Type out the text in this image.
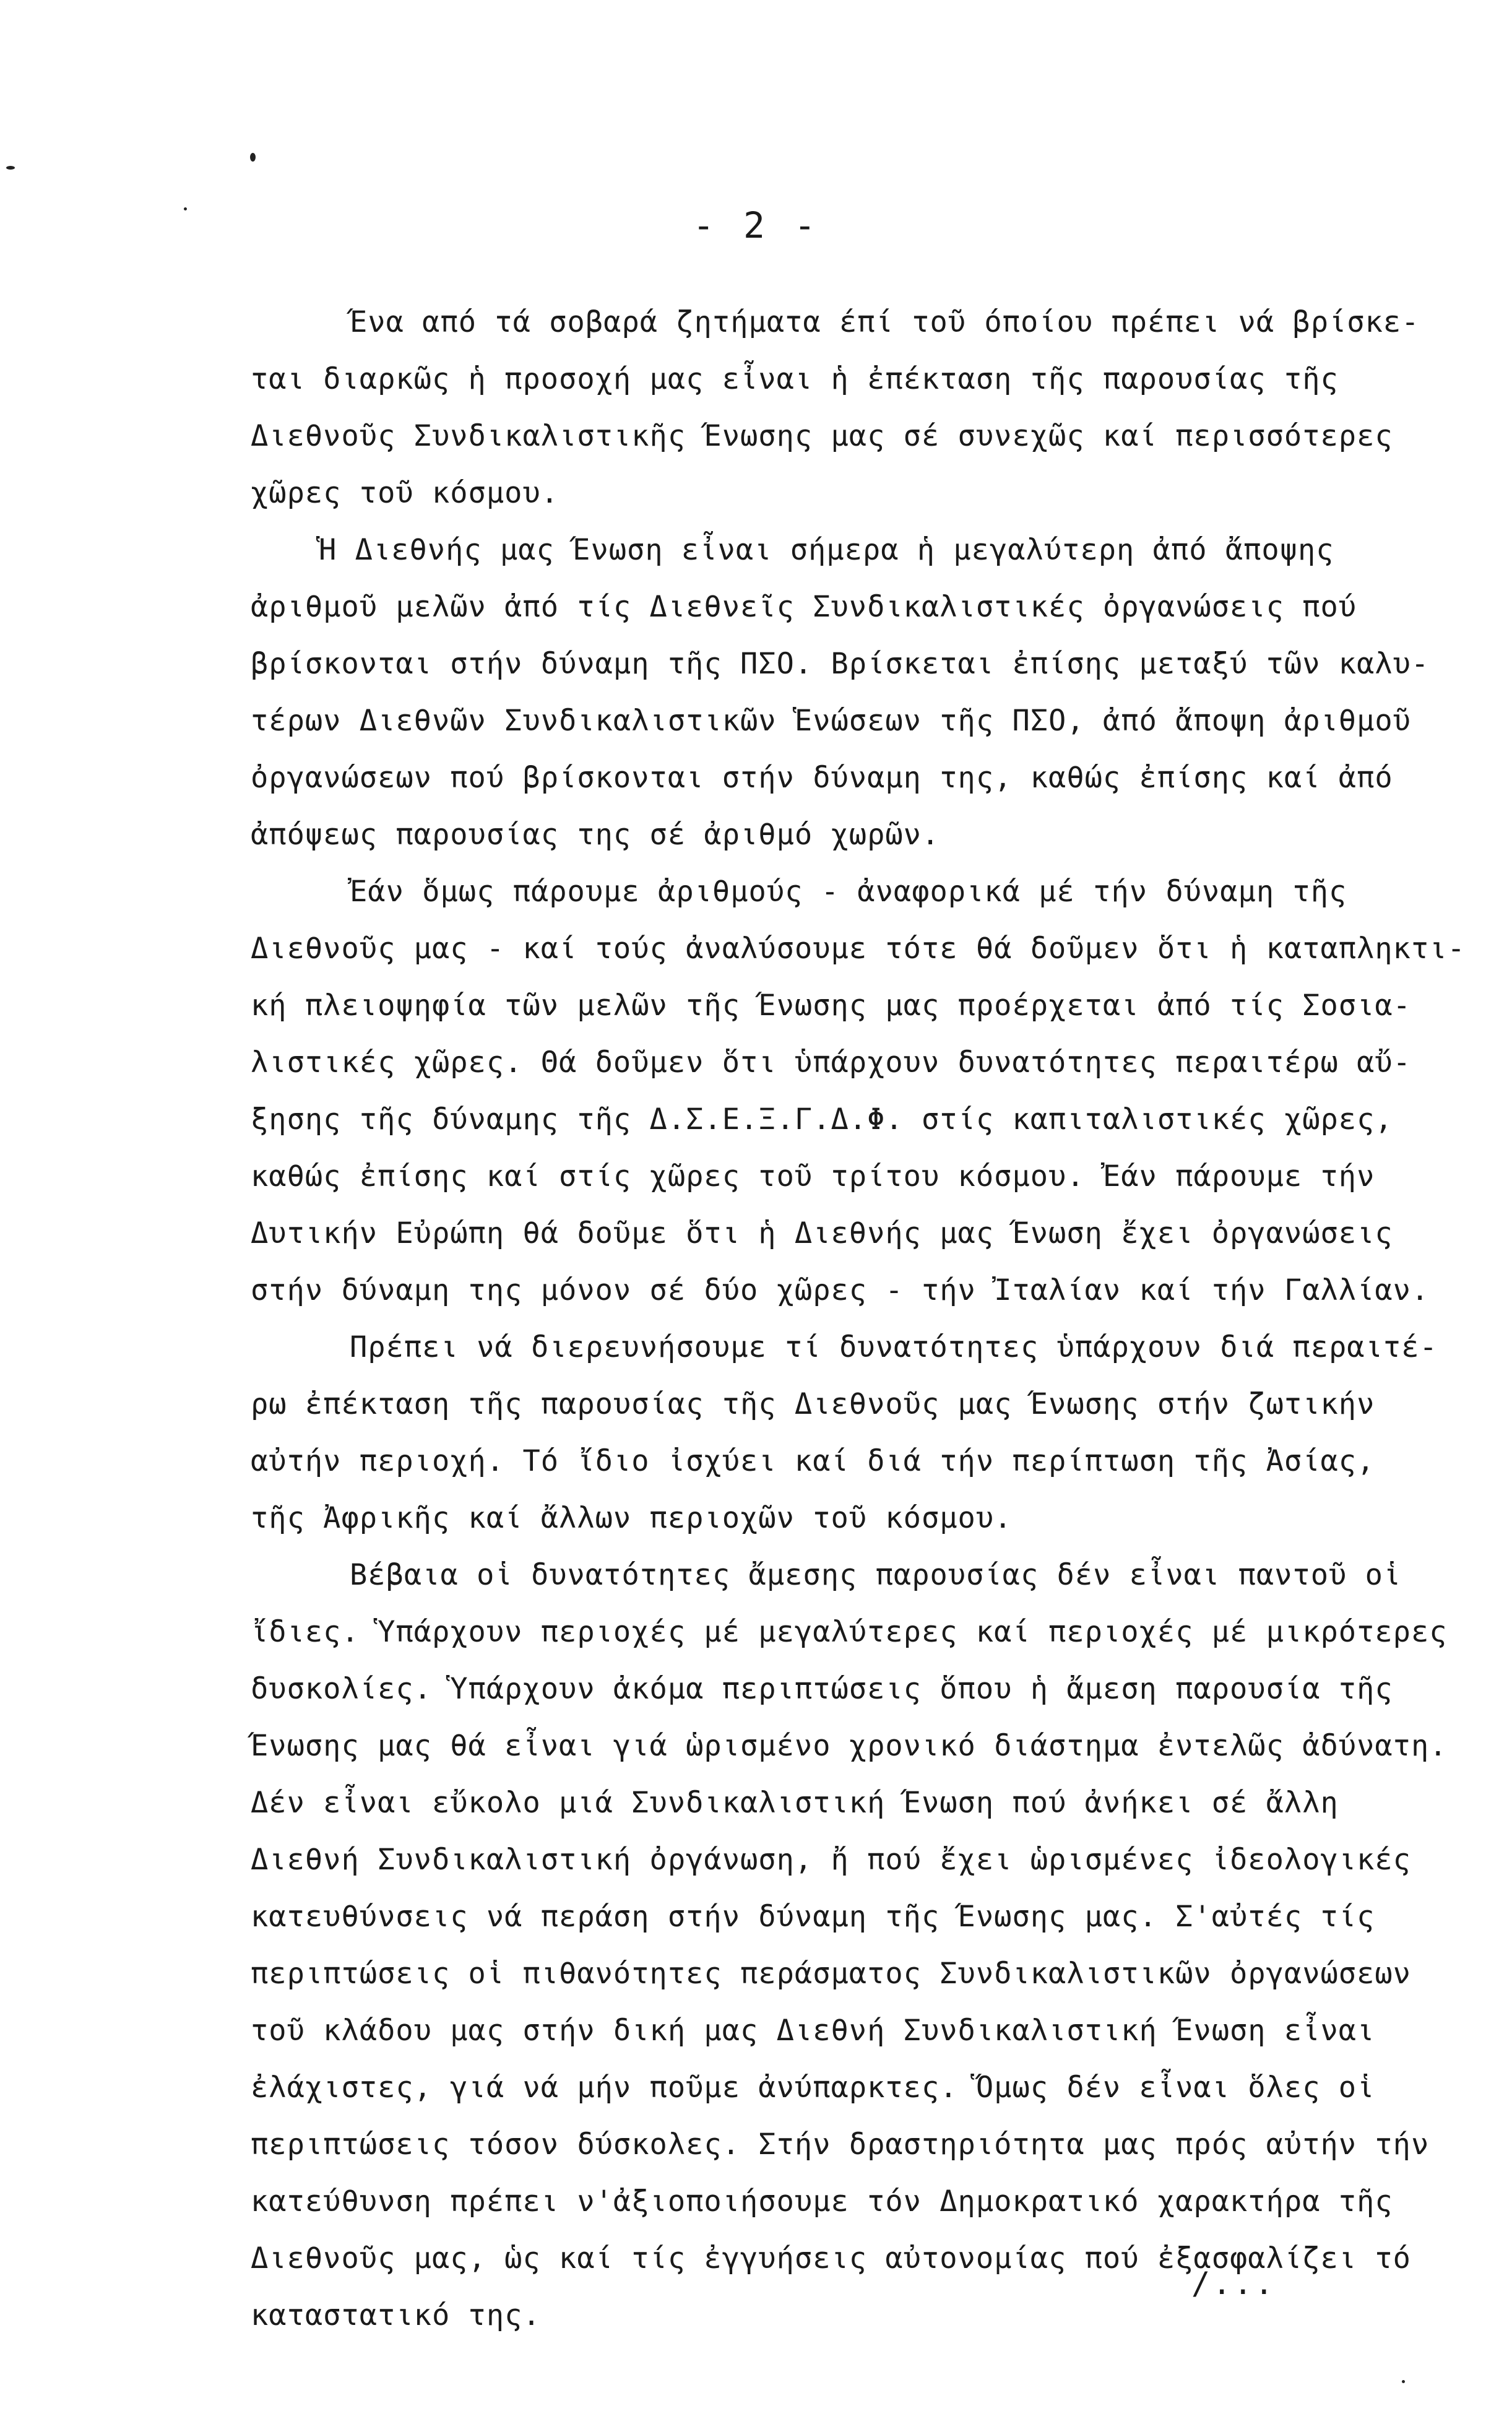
- 2 -
Ένα από τά σοβαρά ζητήματα έπί τοῦ όποίου πρέπει νά βρίσκε-
ται διαρκῶς ἡ προσοχή μας εἶναι ἡ ἐπέκταση τῆς παρουσίας τῆς
Διεθνοῦς Συνδικαλιστικῆς Ένωσης μας σέ συνεχῶς καί περισσότερες
χῶρες τοῦ κόσμου.
Ἡ Διεθνής μας Ένωση εἶναι σήμερα ἡ μεγαλύτερη ἀπό ἄποψης
ἀριθμοῦ μελῶν ἀπό τίς Διεθνεῖς Συνδικαλιστικές ὀργανώσεις πού
βρίσκονται στήν δύναμη τῆς ΠΣΟ. Βρίσκεται ἐπίσης μεταξύ τῶν καλυ-
τέρων Διεθνῶν Συνδικαλιστικῶν Ἑνώσεων τῆς ΠΣΟ, ἀπό ἄποψη ἀριθμοῦ
ὀργανώσεων πού βρίσκονται στήν δύναμη της, καθώς ἐπίσης καί ἀπό
ἀπόψεως παρουσίας της σέ ἀριθμό χωρῶν.
Ἐάν ὅμως πάρουμε ἀριθμούς - ἀναφορικά μέ τήν δύναμη τῆς
Διεθνοῦς μας - καί τούς ἀναλύσουμε τότε θά δοῦμεν ὅτι ἡ καταπληκτι-
κή πλειοψηφία τῶν μελῶν τῆς Ένωσης μας προέρχεται ἀπό τίς Σοσια-
λιστικές χῶρες. Θά δοῦμεν ὅτι ὑπάρχουν δυνατότητες περαιτέρω αὔ-
ξησης τῆς δύναμης τῆς Δ.Σ.Ε.Ξ.Γ.Δ.Φ. στίς καπιταλιστικές χῶρες,
καθώς ἐπίσης καί στίς χῶρες τοῦ τρίτου κόσμου. Ἐάν πάρουμε τήν
Δυτικήν Εὐρώπη θά δοῦμε ὅτι ἡ Διεθνής μας Ένωση ἔχει ὀργανώσεις
στήν δύναμη της μόνον σέ δύο χῶρες - τήν Ἰταλίαν καί τήν Γαλλίαν.
Πρέπει νά διερευνήσουμε τί δυνατότητες ὑπάρχουν διά περαιτέ-
ρω ἐπέκταση τῆς παρουσίας τῆς Διεθνοῦς μας Ένωσης στήν ζωτικήν
αὐτήν περιοχή. Τό ἴδιο ἰσχύει καί διά τήν περίπτωση τῆς Ἀσίας,
τῆς Ἀφρικῆς καί ἄλλων περιοχῶν τοῦ κόσμου.
Βέβαια οἱ δυνατότητες ἄμεσης παρουσίας δέν εἶναι παντοῦ οἱ
ἴδιες. Ὑπάρχουν περιοχές μέ μεγαλύτερες καί περιοχές μέ μικρότερες
δυσκολίες. Ὑπάρχουν ἀκόμα περιπτώσεις ὅπου ἡ ἄμεση παρουσία τῆς
Ένωσης μας θά εἶναι γιά ὡρισμένο χρονικό διάστημα ἐντελῶς ἀδύνατη.
Δέν εἶναι εὔκολο μιά Συνδικαλιστική Ένωση πού ἀνήκει σέ ἄλλη
Διεθνή Συνδικαλιστική ὀργάνωση, ἤ πού ἔχει ὡρισμένες ἰδεολογικές
κατευθύνσεις νά περάση στήν δύναμη τῆς Ένωσης μας. Σ'αὐτές τίς
περιπτώσεις οἱ πιθανότητες περάσματος Συνδικαλιστικῶν ὀργανώσεων
τοῦ κλάδου μας στήν δική μας Διεθνή Συνδικαλιστική Ένωση εἶναι
ἐλάχιστες, γιά νά μήν ποῦμε ἀνύπαρκτες. Ὅμως δέν εἶναι ὅλες οἱ
περιπτώσεις τόσον δύσκολες. Στήν δραστηριότητα μας πρός αὐτήν τήν
κατεύθυνση πρέπει ν'ἀξιοποιήσουμε τόν Δημοκρατικό χαρακτήρα τῆς
Διεθνοῦς μας, ὡς καί τίς ἐγγυήσεις αὐτονομίας πού ἐξασφαλίζει τό
καταστατικό της.
/...
